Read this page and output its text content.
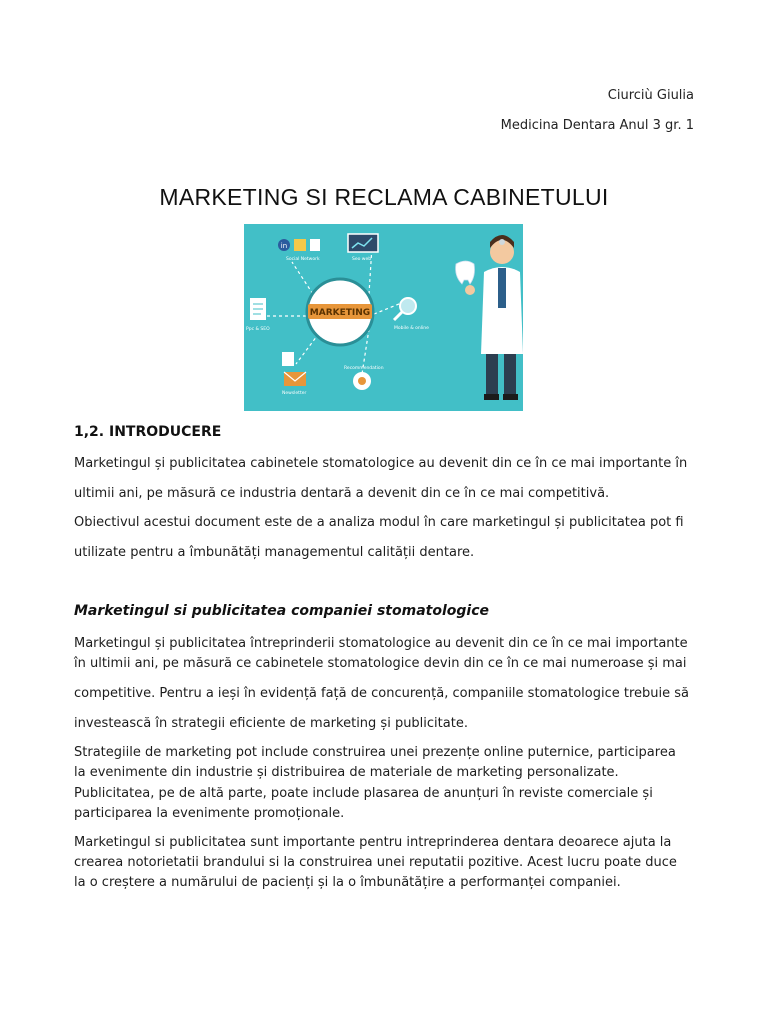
Ciurciù Giulia
Medicina Dentara Anul 3 gr. 1
MARKETING SI RECLAMA CABINETULUI
MARKETING
in
Social Network	Seo web
Mobile & online
Recommendation
Newsletter
Ppc & SEO
1,2. INTRODUCERE
Marketingul și publicitatea cabinetele stomatologice au devenit din ce în ce mai importante în
ultimii ani, pe măsură ce industria dentară a devenit din ce în ce mai competitivă.
Obiectivul acestui document este de a analiza modul în care marketingul și publicitatea pot fi
utilizate pentru a îmbunătăți managementul calității dentare.
Marketingul si publicitatea companiei stomatologice
Marketingul și publicitatea întreprinderii stomatologice au devenit din ce în ce mai importante
în ultimii ani, pe măsură ce cabinetele stomatologice devin din ce în ce mai numeroase și mai
competitive. Pentru a ieși în evidență față de concurență, companiile stomatologice trebuie să
investească în strategii eficiente de marketing și publicitate.
Strategiile de marketing pot include construirea unei prezențe online puternice, participarea
la evenimente din industrie și distribuirea de materiale de marketing personalizate.
Publicitatea, pe de altă parte, poate include plasarea de anunțuri în reviste comerciale și
participarea la evenimente promoționale.
Marketingul si publicitatea sunt importante pentru intreprinderea dentara deoarece ajuta la
crearea notorietatii brandului si la construirea unei reputatii pozitive. Acest lucru poate duce
la o creștere a numărului de pacienți și la o îmbunătățire a performanței companiei.
